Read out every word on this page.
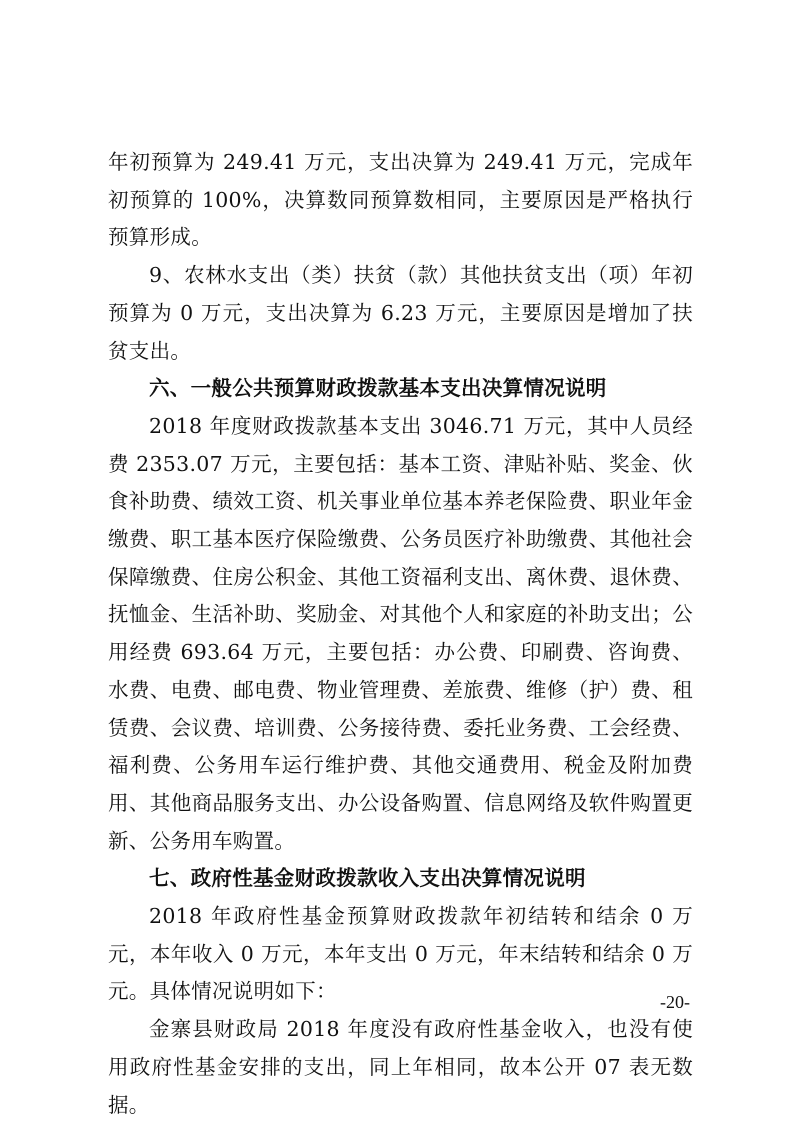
年初预算为 249.41 万元，支出决算为 249.41 万元，完成年初预算的 100%，决算数同预算数相同，主要原因是严格执行预算形成。

9、农林水支出（类）扶贫（款）其他扶贫支出（项）年初预算为 0 万元，支出决算为 6.23 万元，主要原因是增加了扶贫支出。

六、一般公共预算财政拨款基本支出决算情况说明

2018 年度财政拨款基本支出 3046.71 万元，其中人员经费 2353.07 万元，主要包括：基本工资、津贴补贴、奖金、伙食补助费、绩效工资、机关事业单位基本养老保险费、职业年金缴费、职工基本医疗保险缴费、公务员医疗补助缴费、其他社会保障缴费、住房公积金、其他工资福利支出、离休费、退休费、抚恤金、生活补助、奖励金、对其他个人和家庭的补助支出；公用经费 693.64 万元，主要包括：办公费、印刷费、咨询费、水费、电费、邮电费、物业管理费、差旅费、维修（护）费、租赁费、会议费、培训费、公务接待费、委托业务费、工会经费、福利费、公务用车运行维护费、其他交通费用、税金及附加费用、其他商品服务支出、办公设备购置、信息网络及软件购置更新、公务用车购置。

七、政府性基金财政拨款收入支出决算情况说明

2018 年政府性基金预算财政拨款年初结转和结余 0 万元，本年收入 0 万元，本年支出 0 万元，年末结转和结余 0 万元。具体情况说明如下：

金寨县财政局 2018 年度没有政府性基金收入，也没有使用政府性基金安排的支出，同上年相同，故本公开 07 表无数据。

-20-
